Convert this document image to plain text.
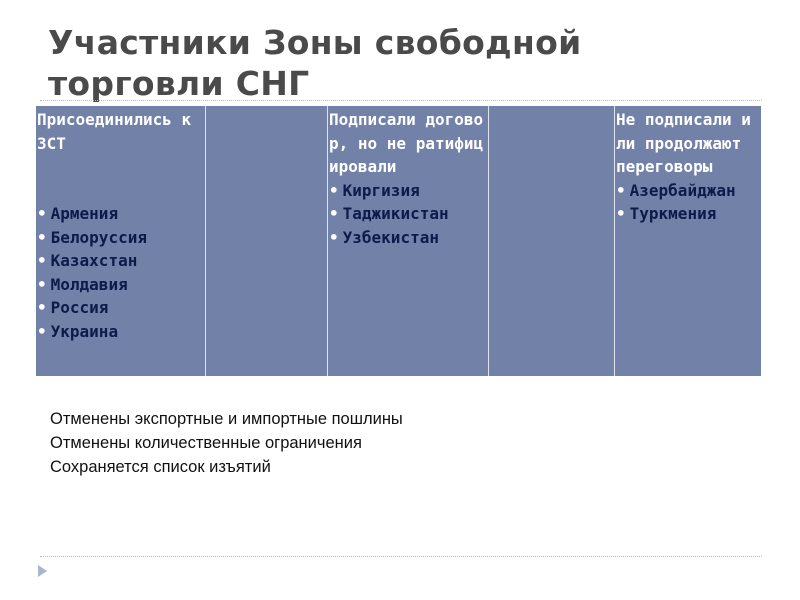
Участники Зоны свободной
торговли СНГ
Присоединились к ЗСТ
• Армения
• Белоруссия
• Казахстан
• Молдавия
• Россия
• Украина
Подписали договор, но не ратифицировали
• Киргизия
• Таджикистан
• Узбекистан
Не подписали или продолжают переговоры
• Азербайджан
• Туркмения
Отменены экспортные и импортные пошлины
Отменены количественные ограничения
Сохраняется список изъятий
